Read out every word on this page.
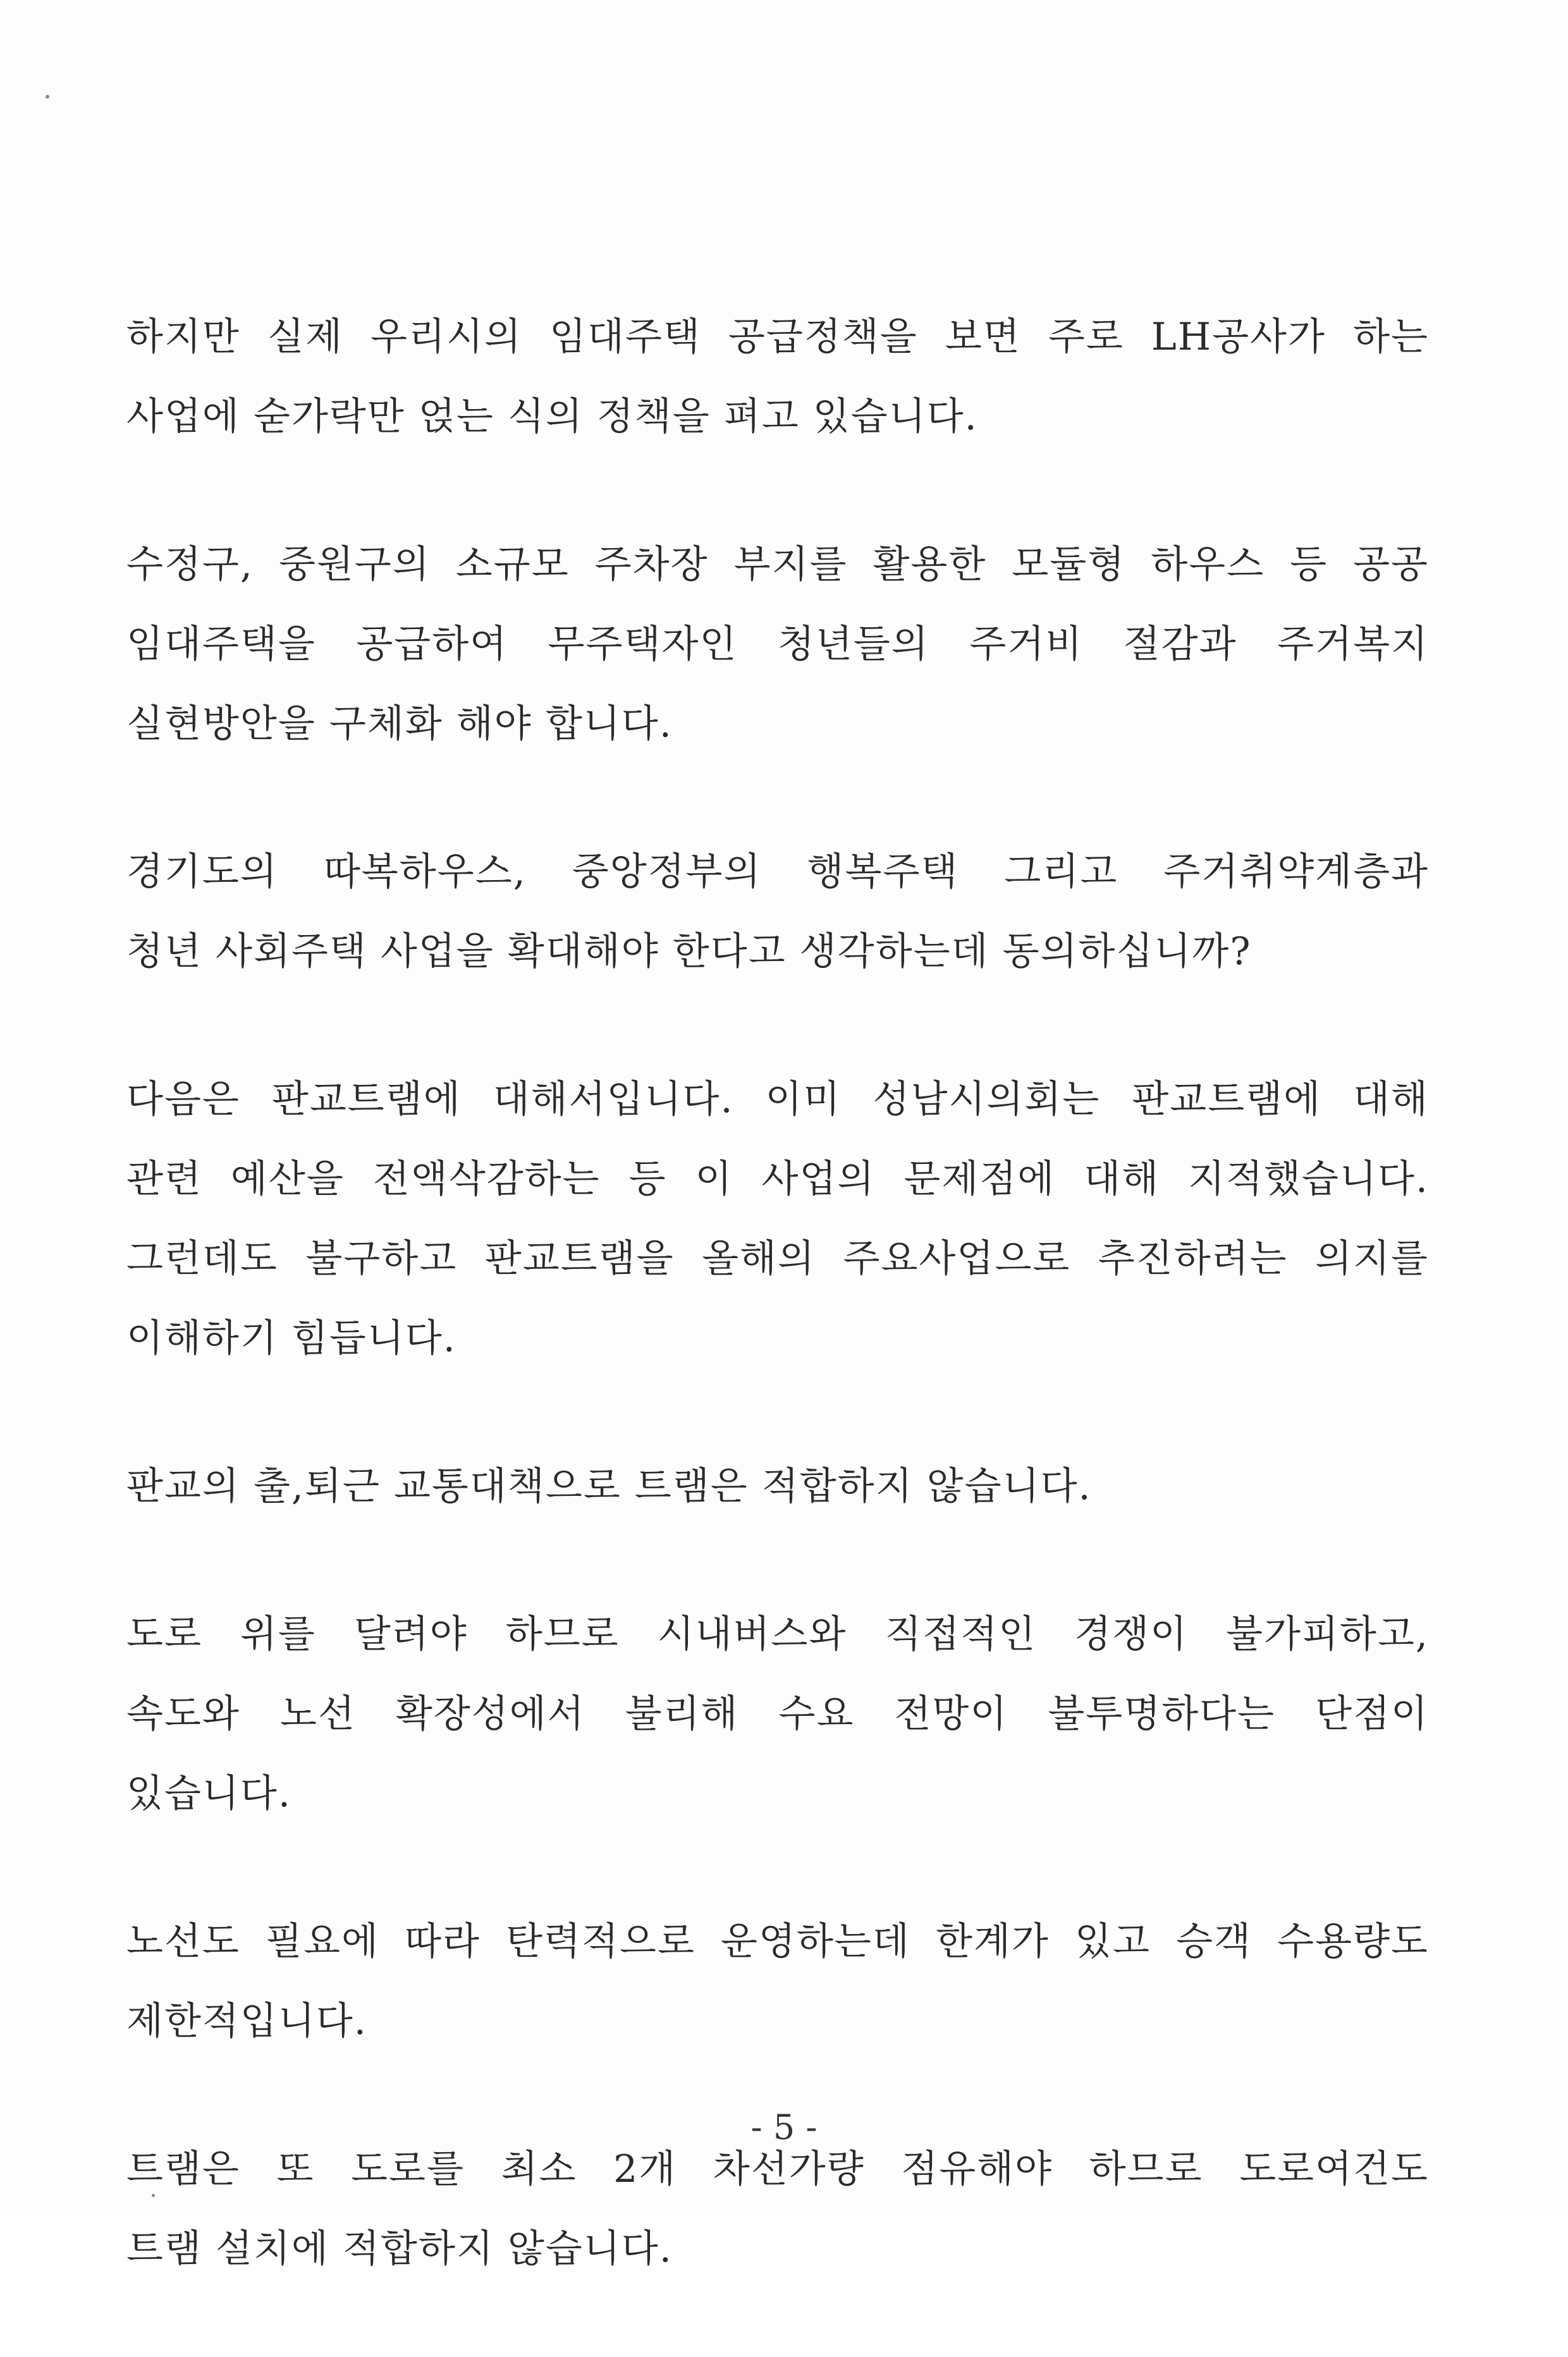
하지만 실제 우리시의 임대주택 공급정책을 보면 주로 LH공사가 하는
사업에 숟가락만 얹는 식의 정책을 펴고 있습니다.
수정구, 중원구의 소규모 주차장 부지를 활용한 모듈형 하우스 등 공공
임대주택을 공급하여 무주택자인 청년들의 주거비 절감과 주거복지
실현방안을 구체화 해야 합니다.
경기도의 따복하우스, 중앙정부의 행복주택 그리고 주거취약계층과
청년 사회주택 사업을 확대해야 한다고 생각하는데 동의하십니까?
다음은 판교트램에 대해서입니다. 이미 성남시의회는 판교트램에 대해
관련 예산을 전액삭감하는 등 이 사업의 문제점에 대해 지적했습니다.
그런데도 불구하고 판교트램을 올해의 주요사업으로 추진하려는 의지를
이해하기 힘듭니다.
판교의 출,퇴근 교통대책으로 트램은 적합하지 않습니다.
도로 위를 달려야 하므로 시내버스와 직접적인 경쟁이 불가피하고,
속도와 노선 확장성에서 불리해 수요 전망이 불투명하다는 단점이
있습니다.
노선도 필요에 따라 탄력적으로 운영하는데 한계가 있고 승객 수용량도
제한적입니다.
트램은 또 도로를 최소 2개 차선가량 점유해야 하므로 도로여건도
트램 설치에 적합하지 않습니다.
- 5 -
